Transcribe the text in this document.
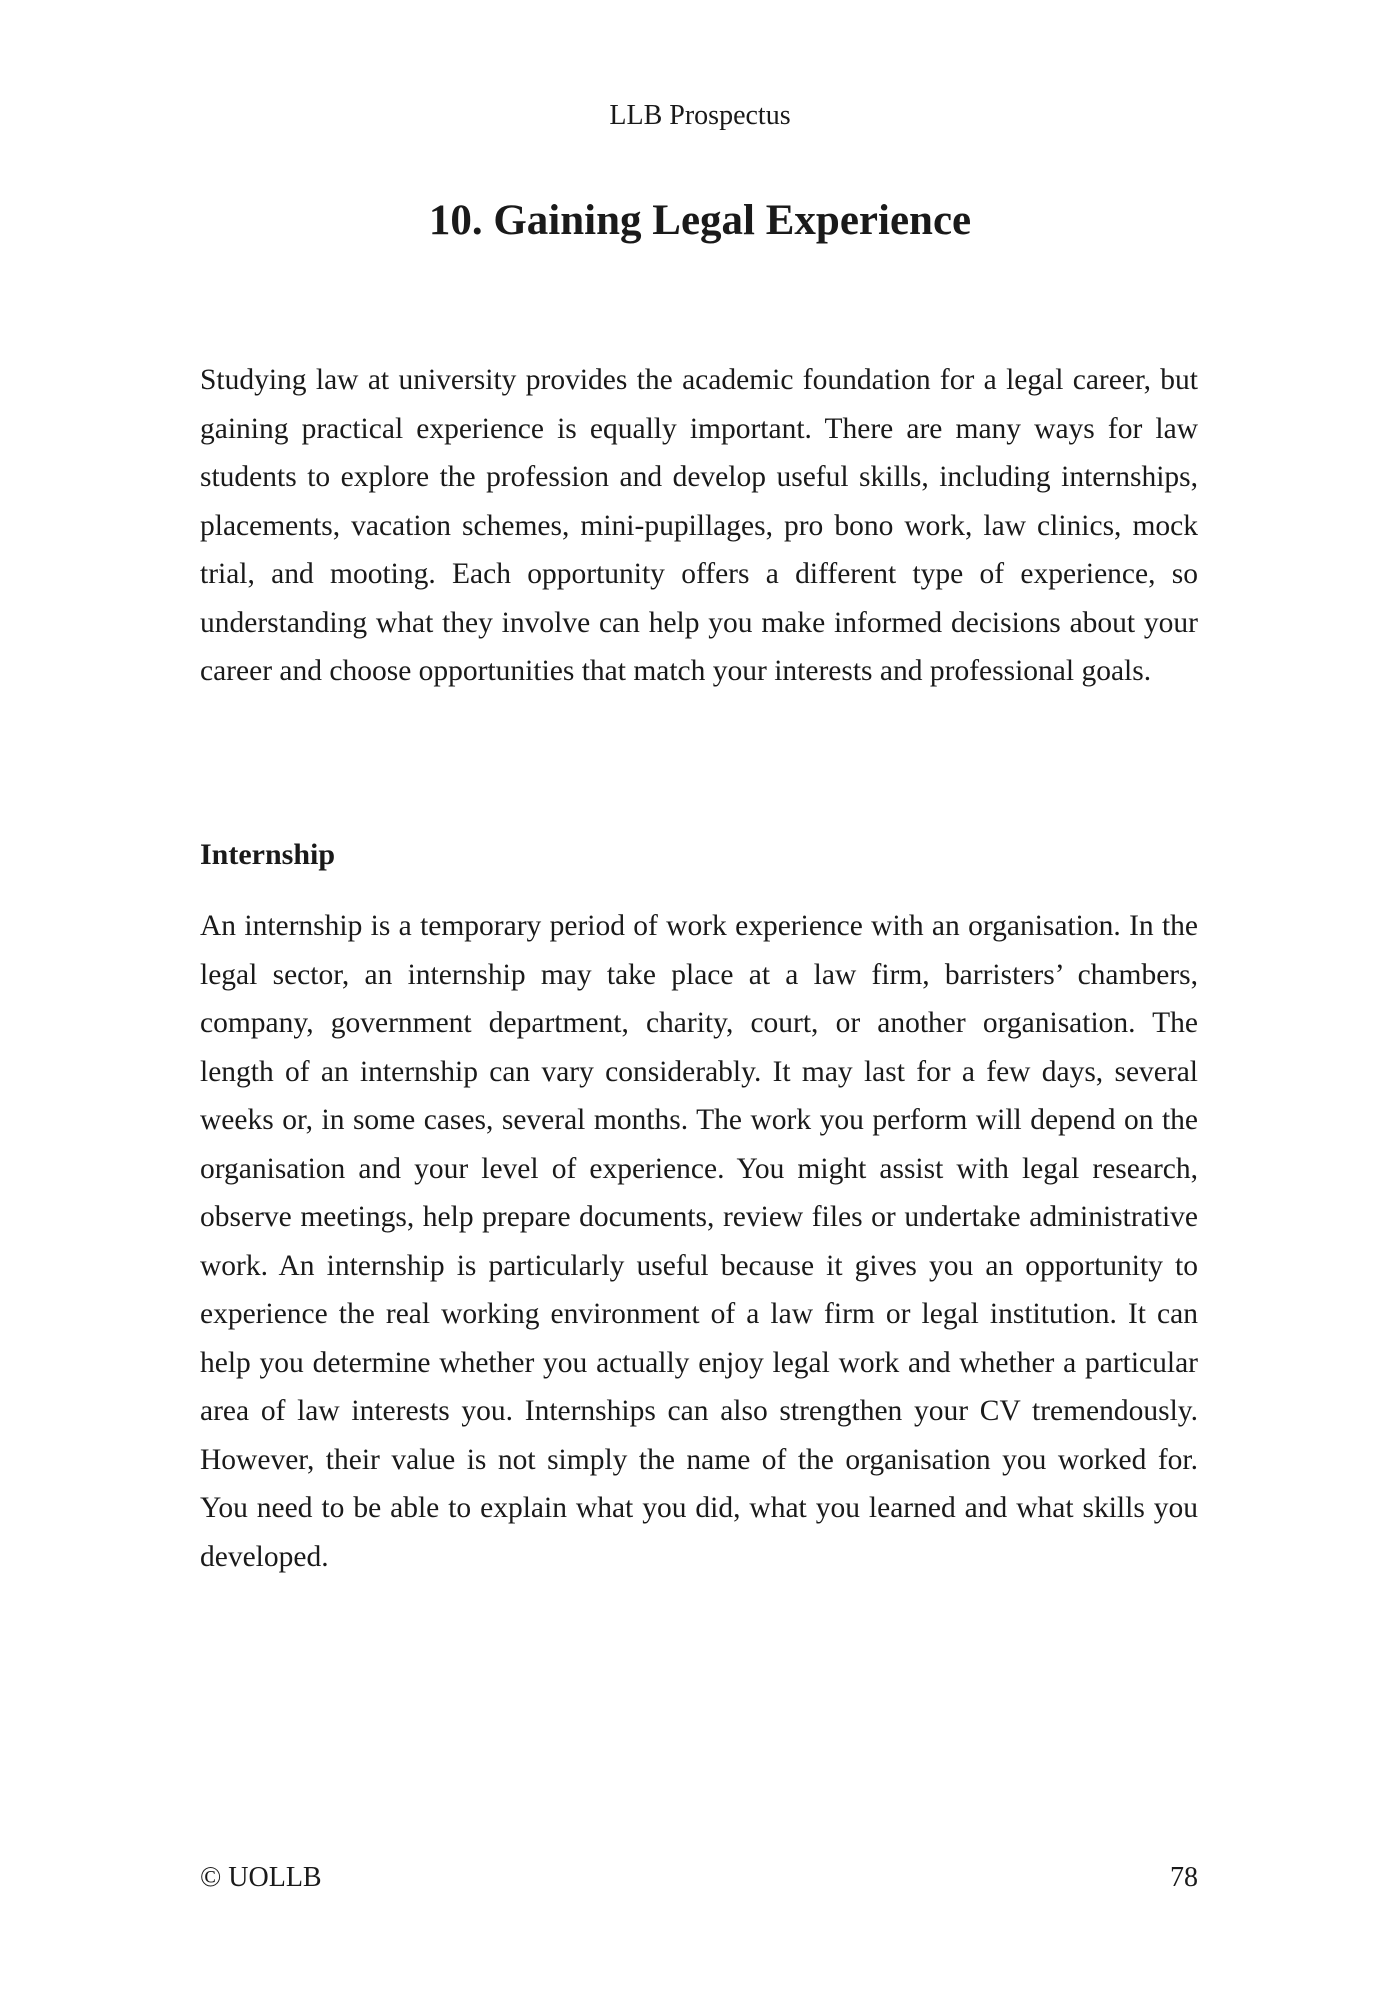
LLB Prospectus
10. Gaining Legal Experience

Studying law at university provides the academic foundation for a legal career, but gaining practical experience is equally important. There are many ways for law students to explore the profession and develop useful skills, including internships, placements, vacation schemes, mini-pupillages, pro bono work, law clinics, mock trial, and mooting. Each opportunity offers a different type of experience, so understanding what they involve can help you make informed decisions about your career and choose opportunities that match your interests and professional goals.

Internship

An internship is a temporary period of work experience with an organisation. In the legal sector, an internship may take place at a law firm, barristers’ chambers, company, government department, charity, court, or another organisation. The length of an internship can vary considerably. It may last for a few days, several weeks or, in some cases, several months. The work you perform will depend on the organisation and your level of experience. You might assist with legal research, observe meetings, help prepare documents, review files or undertake administrative work. An internship is particularly useful because it gives you an opportunity to experience the real working environment of a law firm or legal institution. It can help you determine whether you actually enjoy legal work and whether a particular area of law interests you. Internships can also strengthen your CV tremendously. However, their value is not simply the name of the organisation you worked for. You need to be able to explain what you did, what you learned and what skills you developed.

© UOLLB	78
